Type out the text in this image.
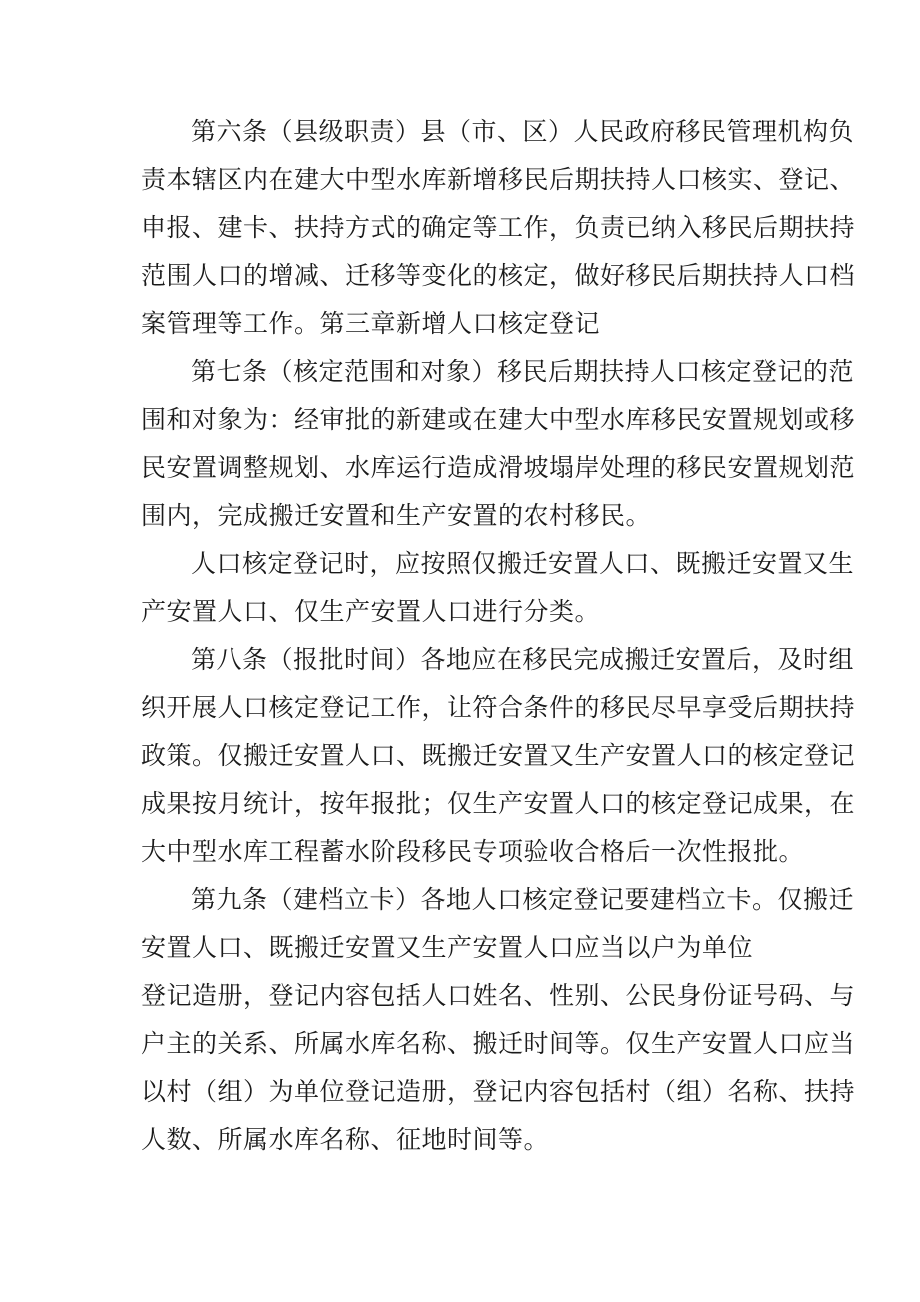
第六条（县级职责）县（市、区）人民政府移民管理机构负
责本辖区内在建大中型水库新增移民后期扶持人口核实、登记、
申报、建卡、扶持方式的确定等工作，负责已纳入移民后期扶持
范围人口的增减、迁移等变化的核定，做好移民后期扶持人口档
案管理等工作。第三章新增人口核定登记
第七条（核定范围和对象）移民后期扶持人口核定登记的范
围和对象为：经审批的新建或在建大中型水库移民安置规划或移
民安置调整规划、水库运行造成滑坡塌岸处理的移民安置规划范
围内，完成搬迁安置和生产安置的农村移民。
人口核定登记时，应按照仅搬迁安置人口、既搬迁安置又生
产安置人口、仅生产安置人口进行分类。
第八条（报批时间）各地应在移民完成搬迁安置后，及时组
织开展人口核定登记工作，让符合条件的移民尽早享受后期扶持
政策。仅搬迁安置人口、既搬迁安置又生产安置人口的核定登记
成果按月统计，按年报批；仅生产安置人口的核定登记成果，在
大中型水库工程蓄水阶段移民专项验收合格后一次性报批。
第九条（建档立卡）各地人口核定登记要建档立卡。仅搬迁
安置人口、既搬迁安置又生产安置人口应当以户为单位
登记造册，登记内容包括人口姓名、性别、公民身份证号码、与
户主的关系、所属水库名称、搬迁时间等。仅生产安置人口应当
以村（组）为单位登记造册，登记内容包括村（组）名称、扶持
人数、所属水库名称、征地时间等。
